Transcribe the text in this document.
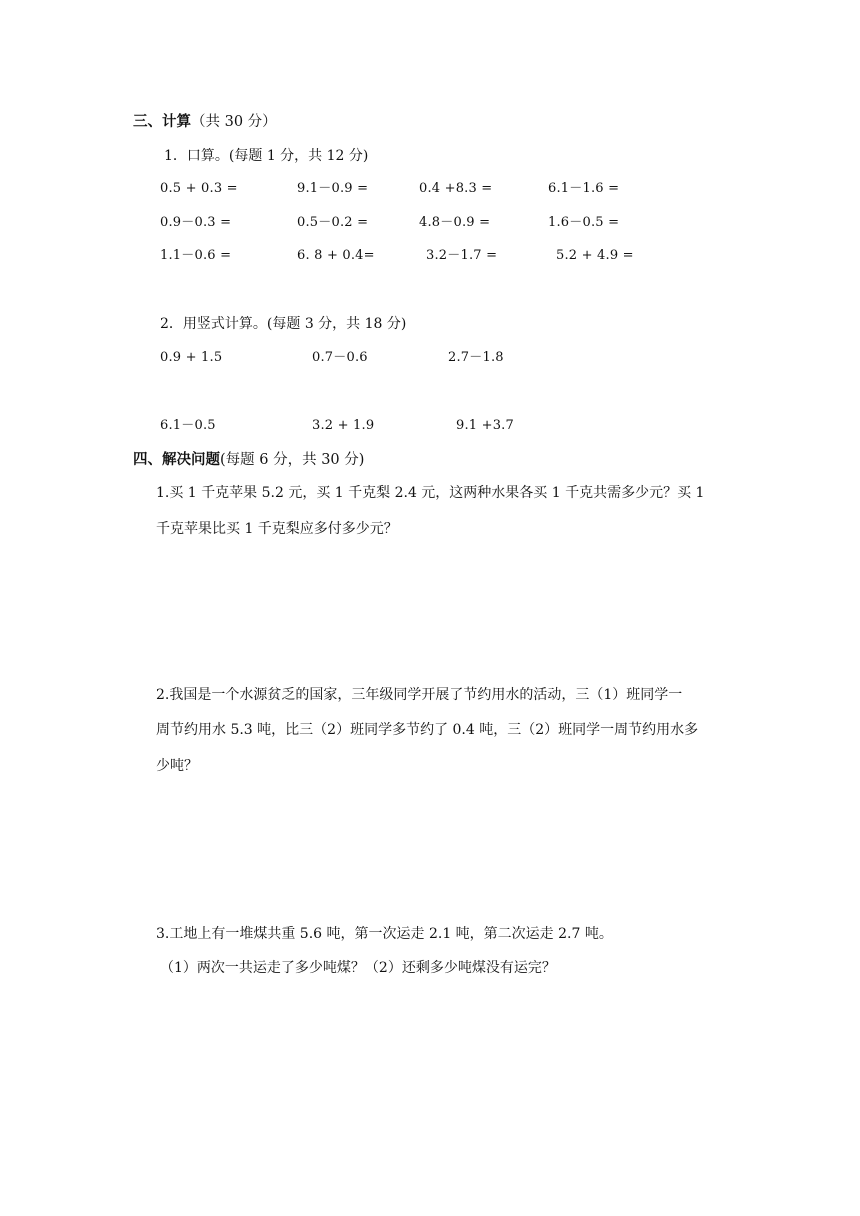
三、计算（共 30 分）
1．口算。(每题 1 分，共 12 分)
0.5 + 0.3 =	9.1－0.9 =	0.4 +8.3 =	6.1－1.6 =
0.9－0.3 =	0.5－0.2 =	4.8－0.9 =	1.6－0.5 =
1.1－0.6 =	6. 8 + 0.4=	3.2－1.7 =	5.2 + 4.9 =
2．用竖式计算。(每题 3 分，共 18 分)
0.9 + 1.5	0.7－0.6	2.7－1.8
6.1－0.5	3.2 + 1.9	9.1 +3.7
四、解决问题(每题 6 分，共 30 分)
1.买 1 千克苹果 5.2 元，买 1 千克梨 2.4 元，这两种水果各买 1 千克共需多少元？买 1
千克苹果比买 1 千克梨应多付多少元？
2.我国是一个水源贫乏的国家，三年级同学开展了节约用水的活动，三（1）班同学一
周节约用水 5.3 吨，比三（2）班同学多节约了 0.4 吨，三（2）班同学一周节约用水多
少吨？
3.工地上有一堆煤共重 5.6 吨，第一次运走 2.1 吨，第二次运走 2.7 吨。
（1）两次一共运走了多少吨煤？（2）还剩多少吨煤没有运完？
